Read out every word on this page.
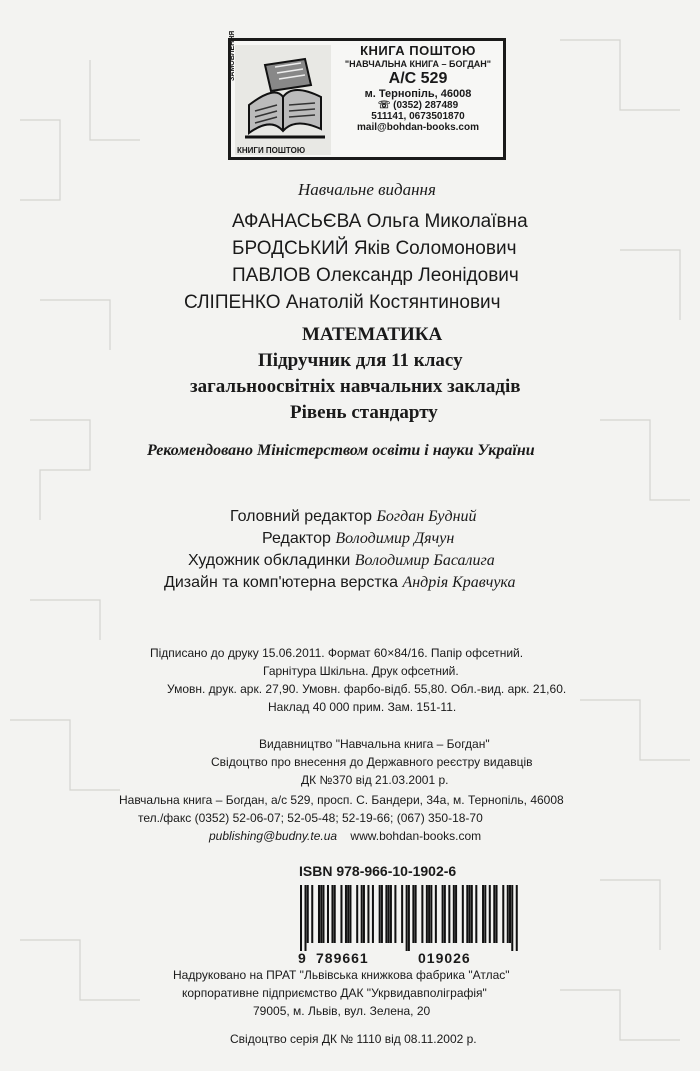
ЗАМОВЛЕННЯ
КНИГИ ПОШТОЮ
КНИГА ПОШТОЮ
"НАВЧАЛЬНА КНИГА – БОГДАН"
А/С 529
м. Тернопіль, 46008
☏ (0352) 287489
511141, 0673501870
mail@bohdan-books.com
Навчальне видання
АФАНАСЬЄВА Ольга Миколаївна
БРОДСЬКИЙ Яків Соломонович
ПАВЛОВ Олександр Леонідович
СЛІПЕНКО Анатолій Костянтинович
МАТЕМАТИКА
Підручник для 11 класу
загальноосвітніх навчальних закладів
Рівень стандарту
Рекомендовано Міністерством освіти і науки України
Головний редактор Богдан Будний
Редактор Володимир Дячун
Художник обкладинки Володимир Басалига
Дизайн та комп'ютерна верстка Андрія Кравчука
Підписано до друку 15.06.2011. Формат 60×84/16. Папір офсетний.
Гарнітура Шкільна. Друк офсетний.
Умовн. друк. арк. 27,90. Умовн. фарбо-відб. 55,80. Обл.-вид. арк. 21,60.
Наклад 40 000 прим. Зам. 151-11.
Видавництво "Навчальна книга – Богдан"
Свідоцтво про внесення до Державного реєстру видавців
ДК №370 від 21.03.2001 р.
Навчальна книга – Богдан, а/с 529, просп. С. Бандери, 34а, м. Тернопіль, 46008
тел./факс (0352) 52-06-07; 52-05-48; 52-19-66; (067) 350-18-70
publishing@budny.te.ua www.bohdan-books.com
ISBN 978-966-10-1902-6
9 789661	019026
Надруковано на ПРАТ "Львівська книжкова фабрика "Атлас"
корпоративне підприємство ДАК "Укрвидавполіграфія"
79005, м. Львів, вул. Зелена, 20
Свідоцтво серія ДК № 1110 від 08.11.2002 р.
